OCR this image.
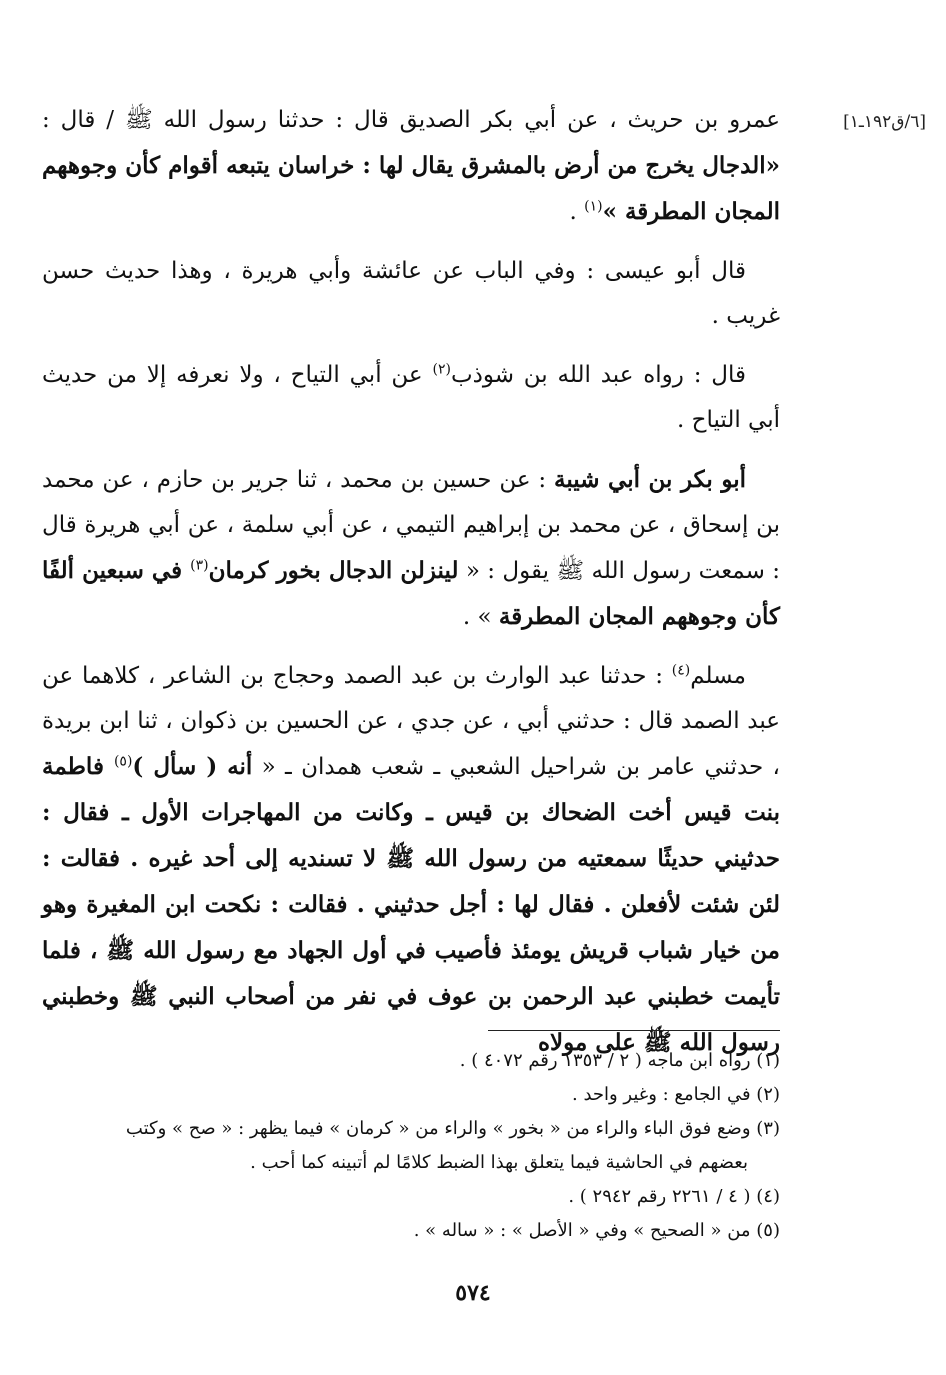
[٦/ق١٩٢ـ١]

عمرو بن حريث ، عن أبي بكر الصديق قال : حدثنا رسول الله ﷺ / قال : «الدجال يخرج من أرض بالمشرق يقال لها : خراسان يتبعه أقوام كأن وجوههم المجان المطرقة »$^{(١)}$ .

قال أبو عيسى : وفي الباب عن عائشة وأبي هريرة ، وهذا حديث حسن غريب .

قال : رواه عبد الله بن شوذب$^{(٢)}$ عن أبي التياح ، ولا نعرفه إلا من حديث أبي التياح .

أبو بكر بن أبي شيبة : عن حسين بن محمد ، ثنا جرير بن حازم ، عن محمد بن إسحاق ، عن محمد بن إبراهيم التيمي ، عن أبي سلمة ، عن أبي هريرة قال : سمعت رسول الله ﷺ يقول : « لينزلن الدجال بخور كرمان$^{(٣)}$ في سبعين ألفًا كأن وجوههم المجان المطرقة » .

مسلم$^{(٤)}$ : حدثنا عبد الوارث بن عبد الصمد وحجاج بن الشاعر ، كلاهما عن عبد الصمد قال : حدثني أبي ، عن جدي ، عن الحسين بن ذكوان ، ثنا ابن بريدة ، حدثني عامر بن شراحيل الشعبي ـ شعب همدان ـ « أنه ( سأل )$^{(٥)}$ فاطمة بنت قيس أخت الضحاك بن قيس ـ وكانت من المهاجرات الأول ـ فقال : حدثيني حديثًا سمعتيه من رسول الله ﷺ لا تسنديه إلى أحد غيره . فقالت : لئن شئت لأفعلن . فقال لها : أجل حدثيني . فقالت : نكحت ابن المغيرة وهو من خيار شباب قريش يومئذ فأصيب في أول الجهاد مع رسول الله ﷺ ، فلما تأيمت خطبني عبد الرحمن بن عوف في نفر من أصحاب النبي ﷺ وخطبني رسول الله ﷺ على مولاه

(١) رواه ابن ماجه ( ٢ / ١٣٥٣ رقم ٤٠٧٢ ) .

(٢) في الجامع : وغير واحد .

(٣) وضع فوق الباء والراء من « بخور » والراء من « كرمان » فيما يظهر : « صح » وكتب

بعضهم في الحاشية فيما يتعلق بهذا الضبط كلامًا لم أتبينه كما أحب .

(٤) ( ٤ / ٢٢٦١ رقم ٢٩٤٢ ) .

(٥) من « الصحيح » وفي « الأصل » : « ساله » .

٥٧٤
